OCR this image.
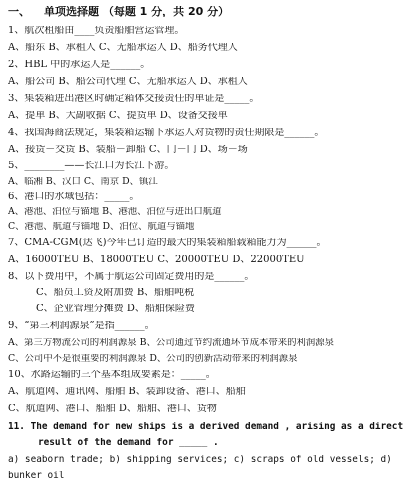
一、 单项选择题 （每题 1 分，共 20 分）
1、航次租船由____负责船舶营运管理。
A、船东 B、承租人 C、无船承运人 D、船务代理人
2、HBL 中的承运人是______。
A、船公司 B、船公司代理 C、无船承运人 D、承租人
3、集装箱进出港区时确定箱体交接责任的单证是_____。
A、提单 B、大副收据 C、提货单 D、设备交接单
4、我国海商法规定，集装箱运输下承运人对货物的责任期限是______。
A、接货－交货 B、装船－卸船 C、门－门 D、场－场
5、________——长江口为长江下游。
A、临湘 B、汉口 C、南京 D、镇江
6、港口的水域包括：_____。
A、港池、泊位与锚地 B、港池、泊位与进出口航道
C、港池、航道与锚地 D、泊位、航道与锚地
7、CMA-CGM(达飞)今年已订造的最大的集装箱船载箱能力为______。
A、16000TEU B、18000TEU C、20000TEU D、22000TEU
8、以下费用中，不属于航运公司固定费用的是______。
C、船员工资及附加费 B、船舶吨税
C、企业管理分摊费 D、船舶保险费
9、“第三利润源泉”是指______。
A、第三方物流公司的利润源泉 B、公司通过节约流通环节成本带来的利润源泉
C、公司中不是很重要的利润源泉 D、公司的创新活动带来的利润源泉
10、水路运输的三个基本组成要素是：_____。
A、航道网、通讯网、船舶 B、装卸设备、港口、船舶
C、航道网、港口、船舶 D、船舶、港口、货物
11. The demand for new ships is a derived demand , arising as a direct
result of the demand for _____ .
a) seaborn trade; b) shipping services; c) scraps of old vessels; d)
bunker oil
